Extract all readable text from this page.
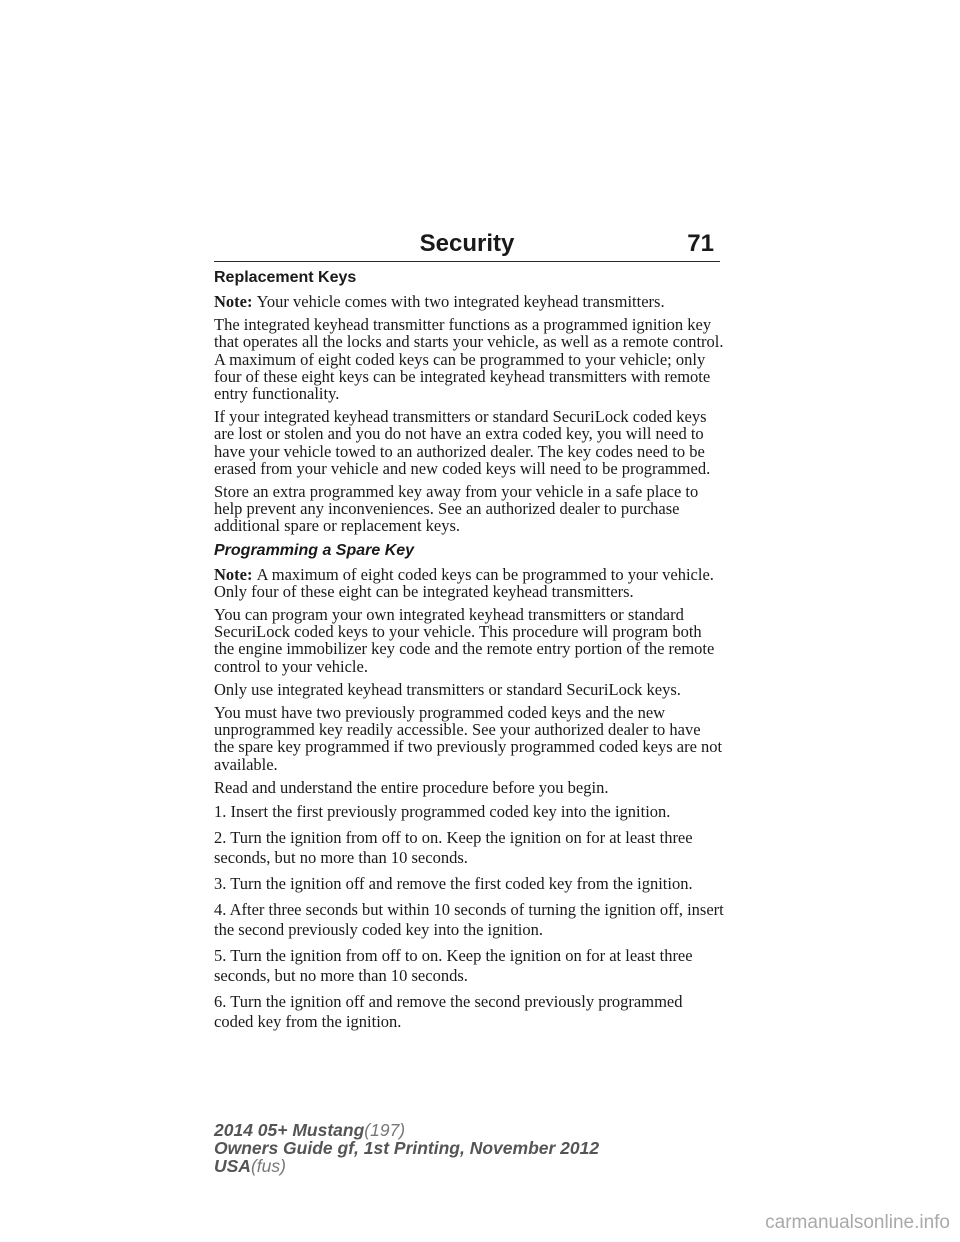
Security	71
Replacement Keys

Note: Your vehicle comes with two integrated keyhead transmitters.

The integrated keyhead transmitter functions as a programmed ignition key that operates all the locks and starts your vehicle, as well as a remote control. A maximum of eight coded keys can be programmed to your vehicle; only four of these eight keys can be integrated keyhead transmitters with remote entry functionality.

If your integrated keyhead transmitters or standard SecuriLock coded keys are lost or stolen and you do not have an extra coded key, you will need to have your vehicle towed to an authorized dealer. The key codes need to be erased from your vehicle and new coded keys will need to be programmed.

Store an extra programmed key away from your vehicle in a safe place to help prevent any inconveniences. See an authorized dealer to purchase additional spare or replacement keys.

Programming a Spare Key

Note: A maximum of eight coded keys can be programmed to your vehicle. Only four of these eight can be integrated keyhead transmitters.

You can program your own integrated keyhead transmitters or standard SecuriLock coded keys to your vehicle. This procedure will program both the engine immobilizer key code and the remote entry portion of the remote control to your vehicle.

Only use integrated keyhead transmitters or standard SecuriLock keys.

You must have two previously programmed coded keys and the new unprogrammed key readily accessible. See your authorized dealer to have the spare key programmed if two previously programmed coded keys are not available.

Read and understand the entire procedure before you begin.

1. Insert the first previously programmed coded key into the ignition.

2. Turn the ignition from off to on. Keep the ignition on for at least three seconds, but no more than 10 seconds.

3. Turn the ignition off and remove the first coded key from the ignition.

4. After three seconds but within 10 seconds of turning the ignition off, insert the second previously coded key into the ignition.

5. Turn the ignition from off to on. Keep the ignition on for at least three seconds, but no more than 10 seconds.

6. Turn the ignition off and remove the second previously programmed coded key from the ignition.

2014 05+ Mustang(197)
Owners Guide gf, 1st Printing, November 2012
USA(fus)
carmanualsonline.info
